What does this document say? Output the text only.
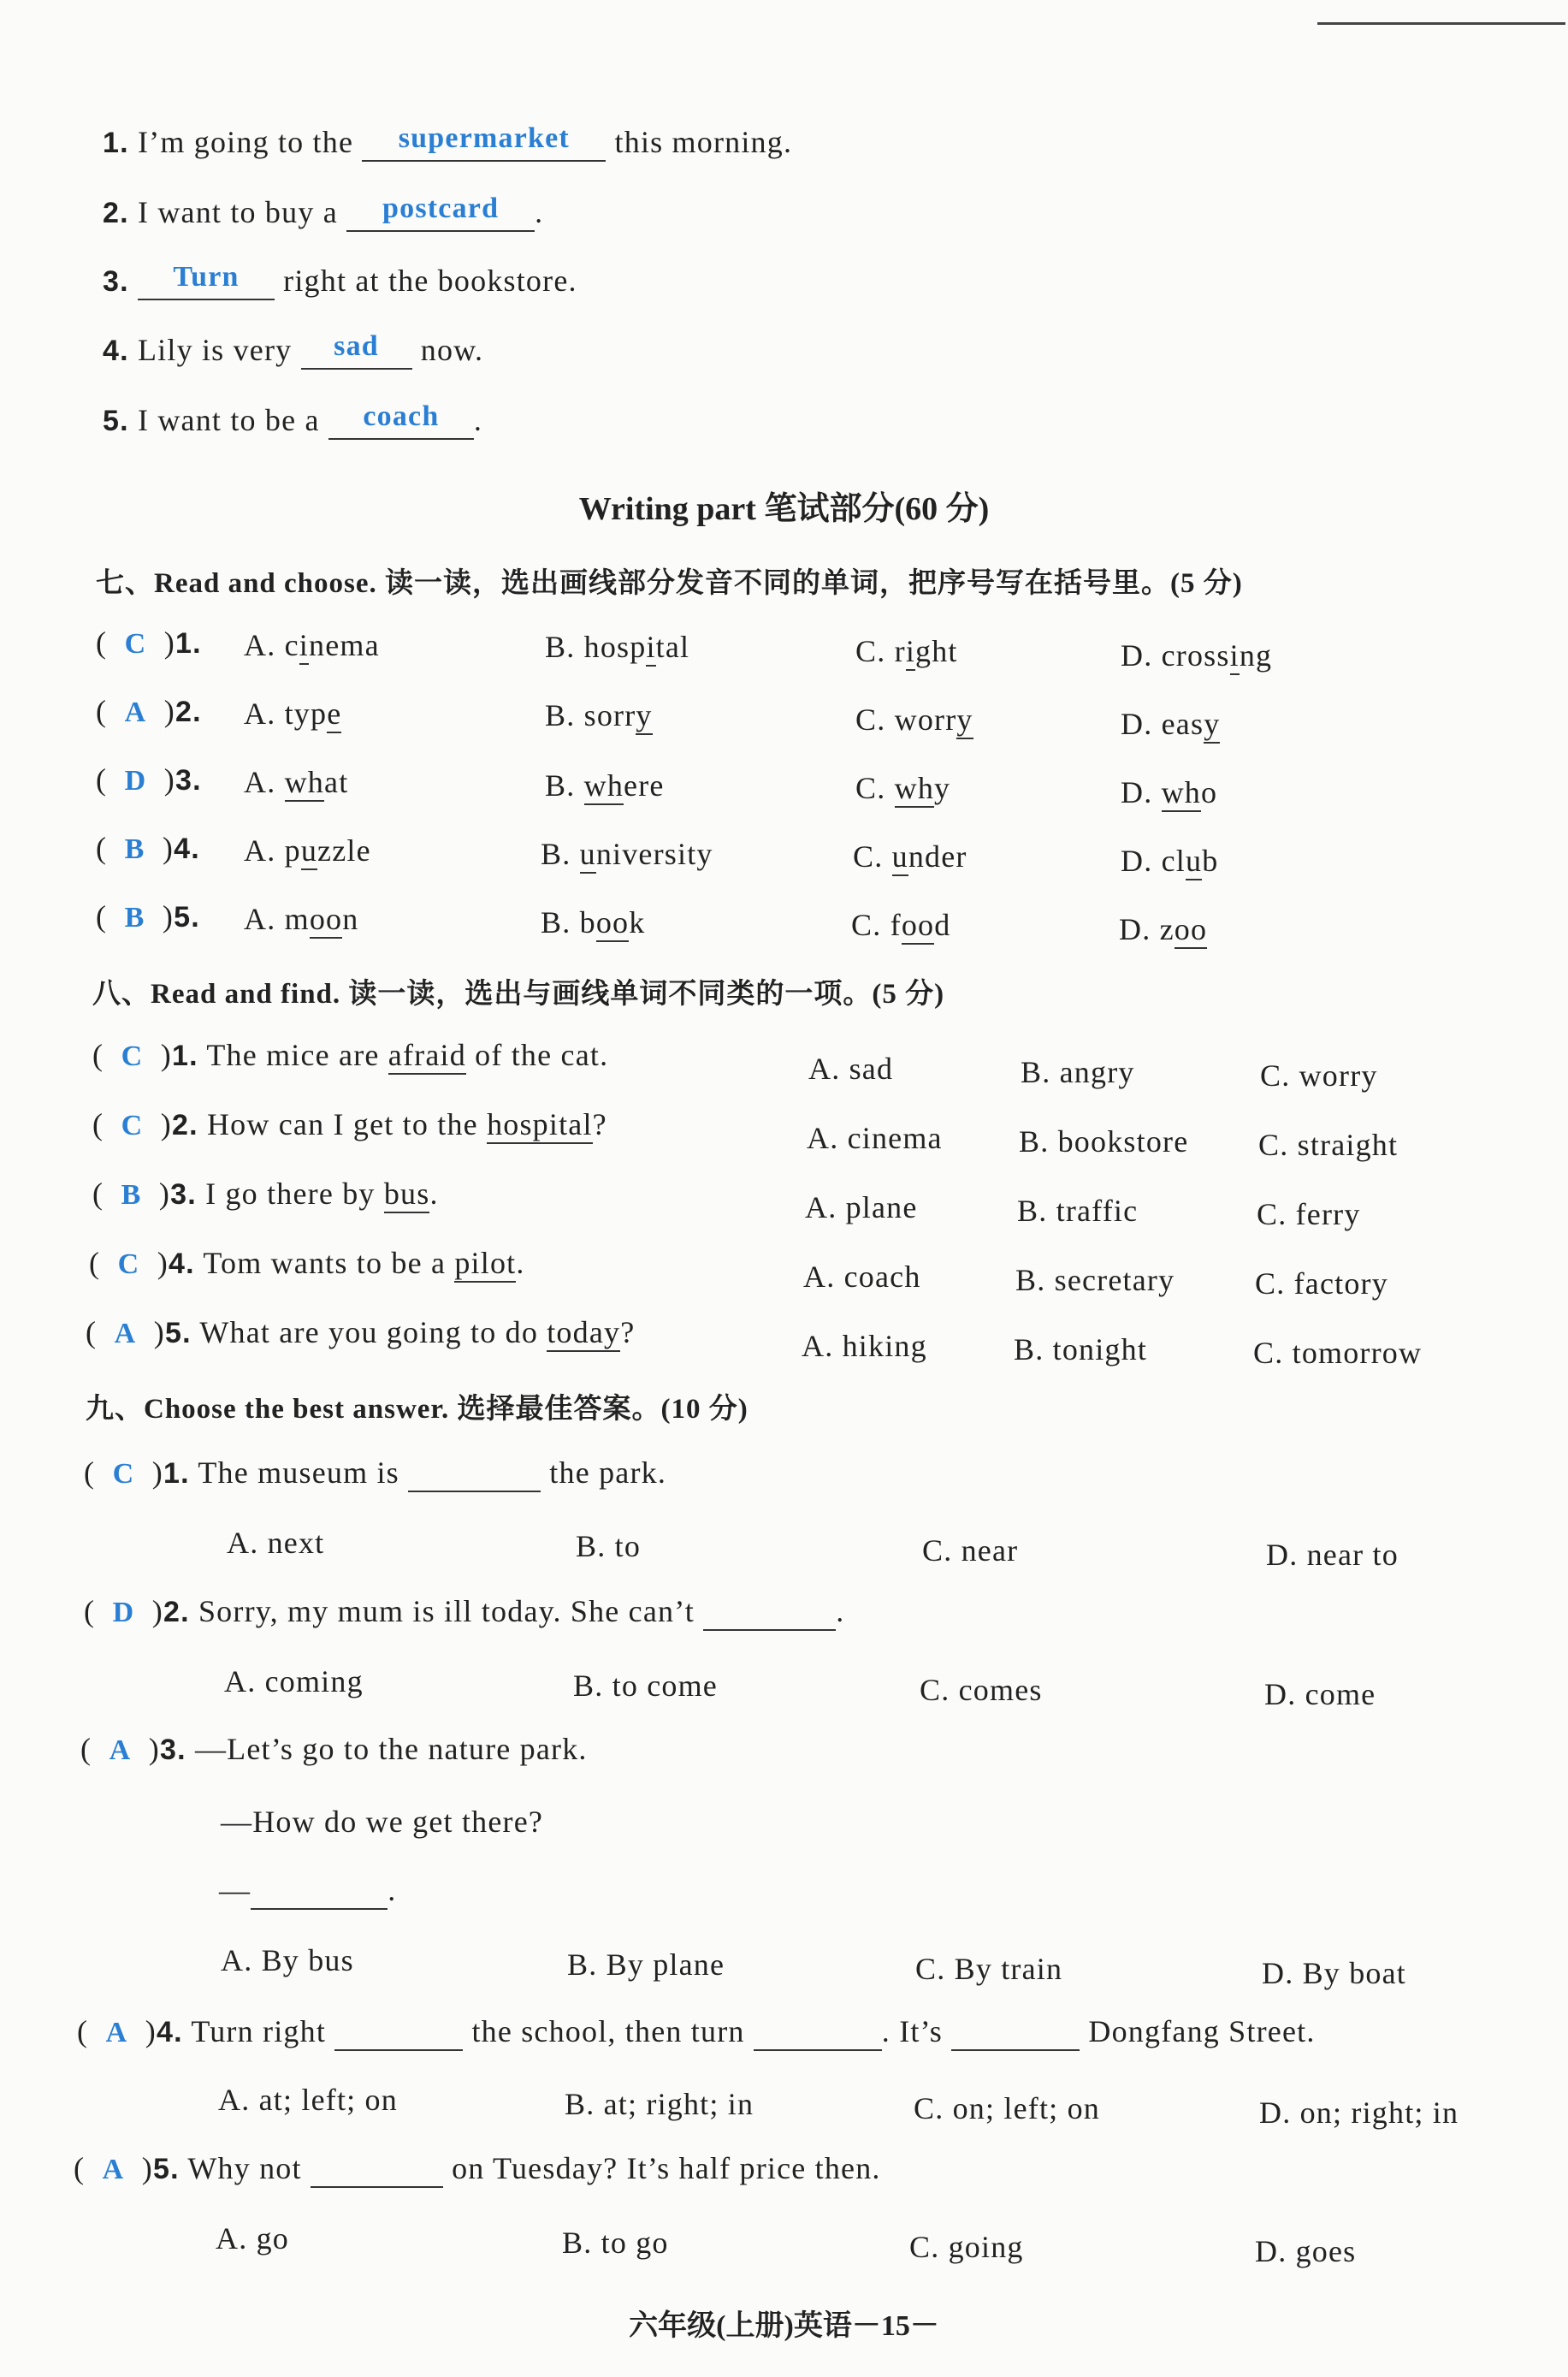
1. I’m going to the supermarket this morning.
2. I want to buy a postcard .
3. Turn right at the bookstore.
4. Lily is very sad now.
5. I want to be a coach .
Writing part 笔试部分(60 分)
七、Read and choose. 读一读，选出画线部分发音不同的单词，把序号写在括号里。(5 分)
( C )1. A. cinema	B. hospital	C. right	D. crossing
( A )2. A. type	B. sorry	C. worry	D. easy
( D )3. A. what	B. where	C. why	D. who
( B )4. A. puzzle	B. university	C. under	D. club
( B )5. A. moon	B. book	C. food	D. zoo
八、Read and find. 读一读，选出与画线单词不同类的一项。(5 分)
( C )1. The mice are afraid of the cat.	A. sad	B. angry	C. worry
( C )2. How can I get to the hospital?	A. cinema B. bookstore C. straight
( B )3. I go there by bus.	A. plane	B. traffic	C. ferry
( C )4. Tom wants to be a pilot.	A. coach	B. secretary	C. factory
( A )5. What are you going to do today?	A. hiking	B. tonight	C. tomorrow
九、Choose the best answer. 选择最佳答案。(10 分)
( C )1. The museum is	the park.
A. next	B. to	C. near	D. near to
( D )2. Sorry, my mum is ill today. She can’t	.
A. coming	B. to come	C. comes	D. come
( A )3. —Let’s go to the nature park.
—How do we get there?
—	.
A. By bus	B. By plane	C. By train	D. By boat
( A )4. Turn right	the school, then turn	. It’s	Dongfang Street.
A. at; left; on	B. at; right; in	C. on; left; on	D. on; right; in
( A )5. Why not	on Tuesday? It’s half price then.
A. go	B. to go	C. going	D. goes
六年级(上册)英语－15－
